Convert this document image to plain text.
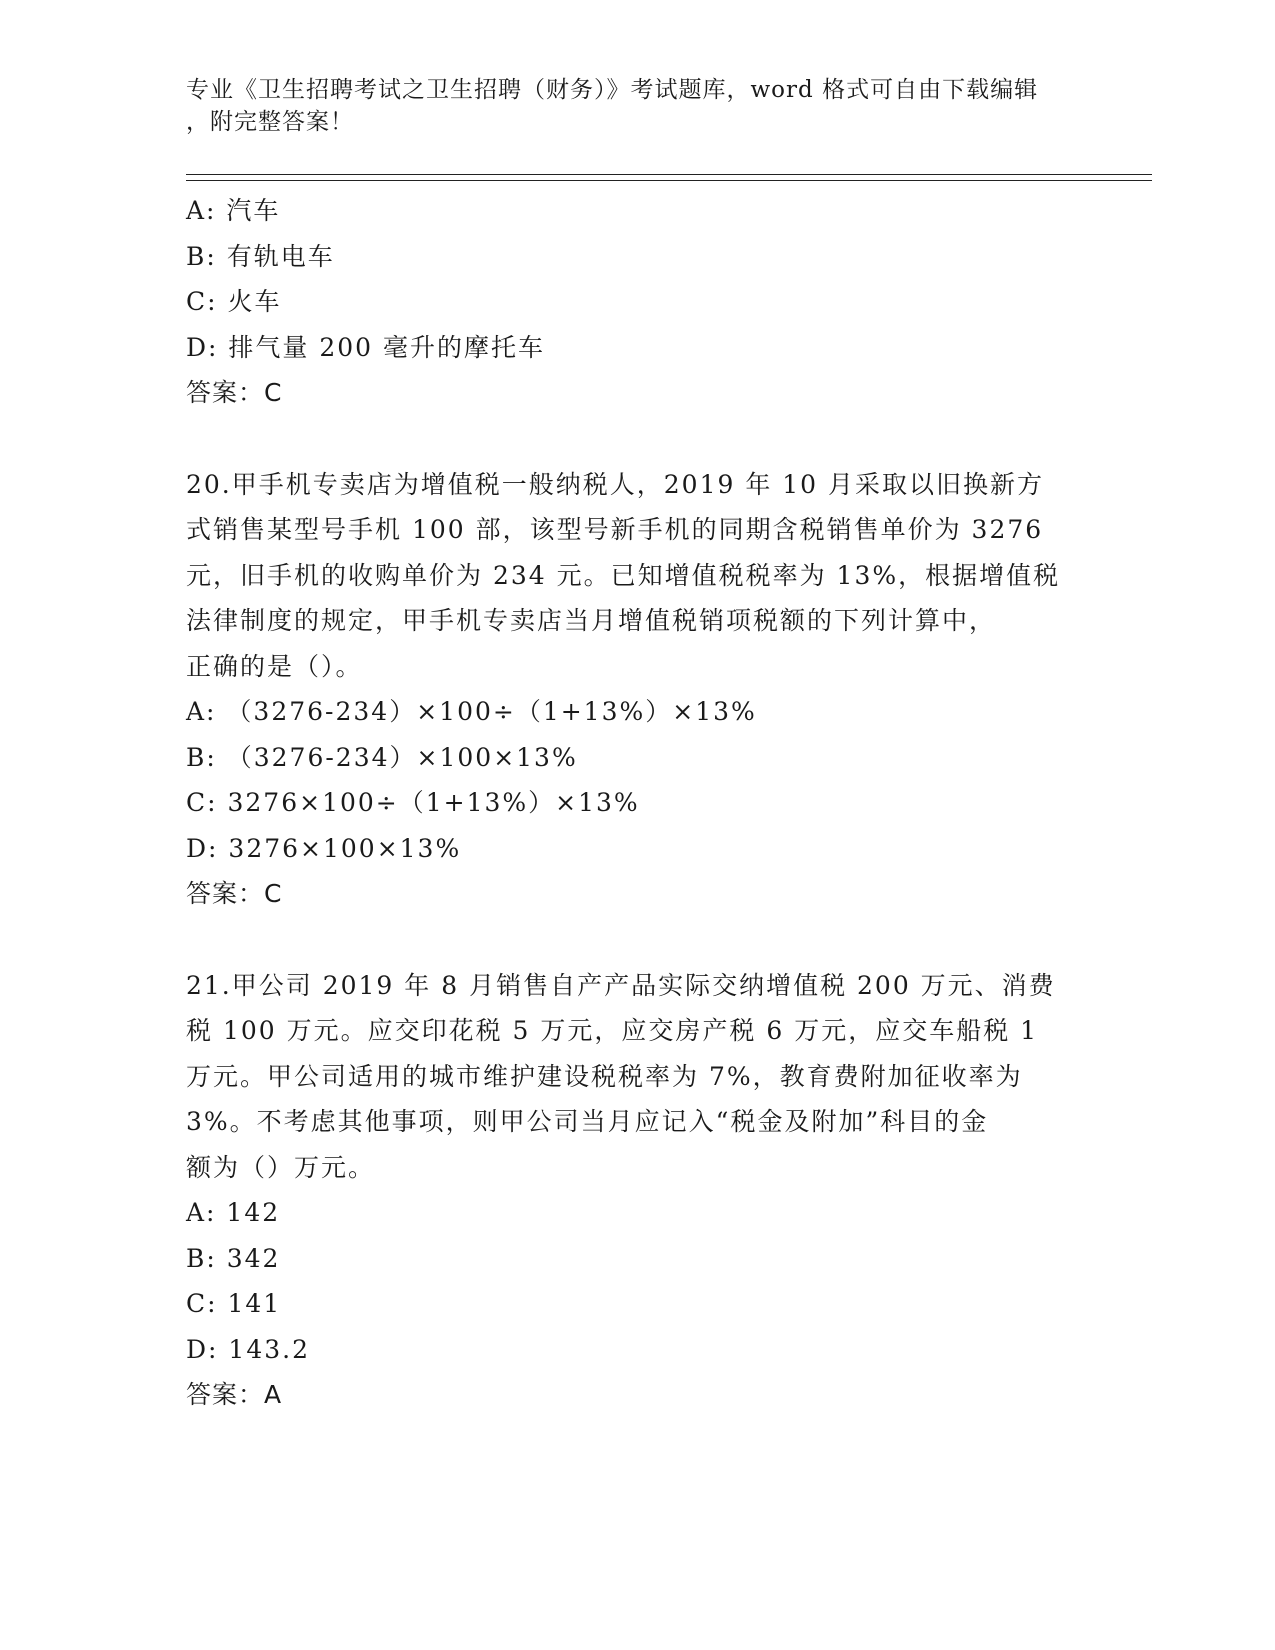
专业《卫生招聘考试之卫生招聘（财务）》考试题库，word 格式可自由下载编辑
，附完整答案！
A: 汽车
B: 有轨电车
C: 火车
D: 排气量 200 毫升的摩托车
答案：C
20.甲手机专卖店为增值税一般纳税人，2019 年 10 月采取以旧换新方
式销售某型号手机 100 部，该型号新手机的同期含税销售单价为 3276
元，旧手机的收购单价为 234 元。已知增值税税率为 13%，根据增值税
法律制度的规定，甲手机专卖店当月增值税销项税额的下列计算中，
正确的是（）。
A: （3276-234）×100÷（1+13%）×13%
B: （3276-234）×100×13%
C: 3276×100÷（1+13%）×13%
D: 3276×100×13%
答案：C
21.甲公司 2019 年 8 月销售自产产品实际交纳增值税 200 万元、消费
税 100 万元。应交印花税 5 万元，应交房产税 6 万元，应交车船税 1
万元。甲公司适用的城市维护建设税税率为 7%，教育费附加征收率为
3%。不考虑其他事项，则甲公司当月应记入“税金及附加”科目的金
额为（）万元。
A: 142
B: 342
C: 141
D: 143.2
答案：A
